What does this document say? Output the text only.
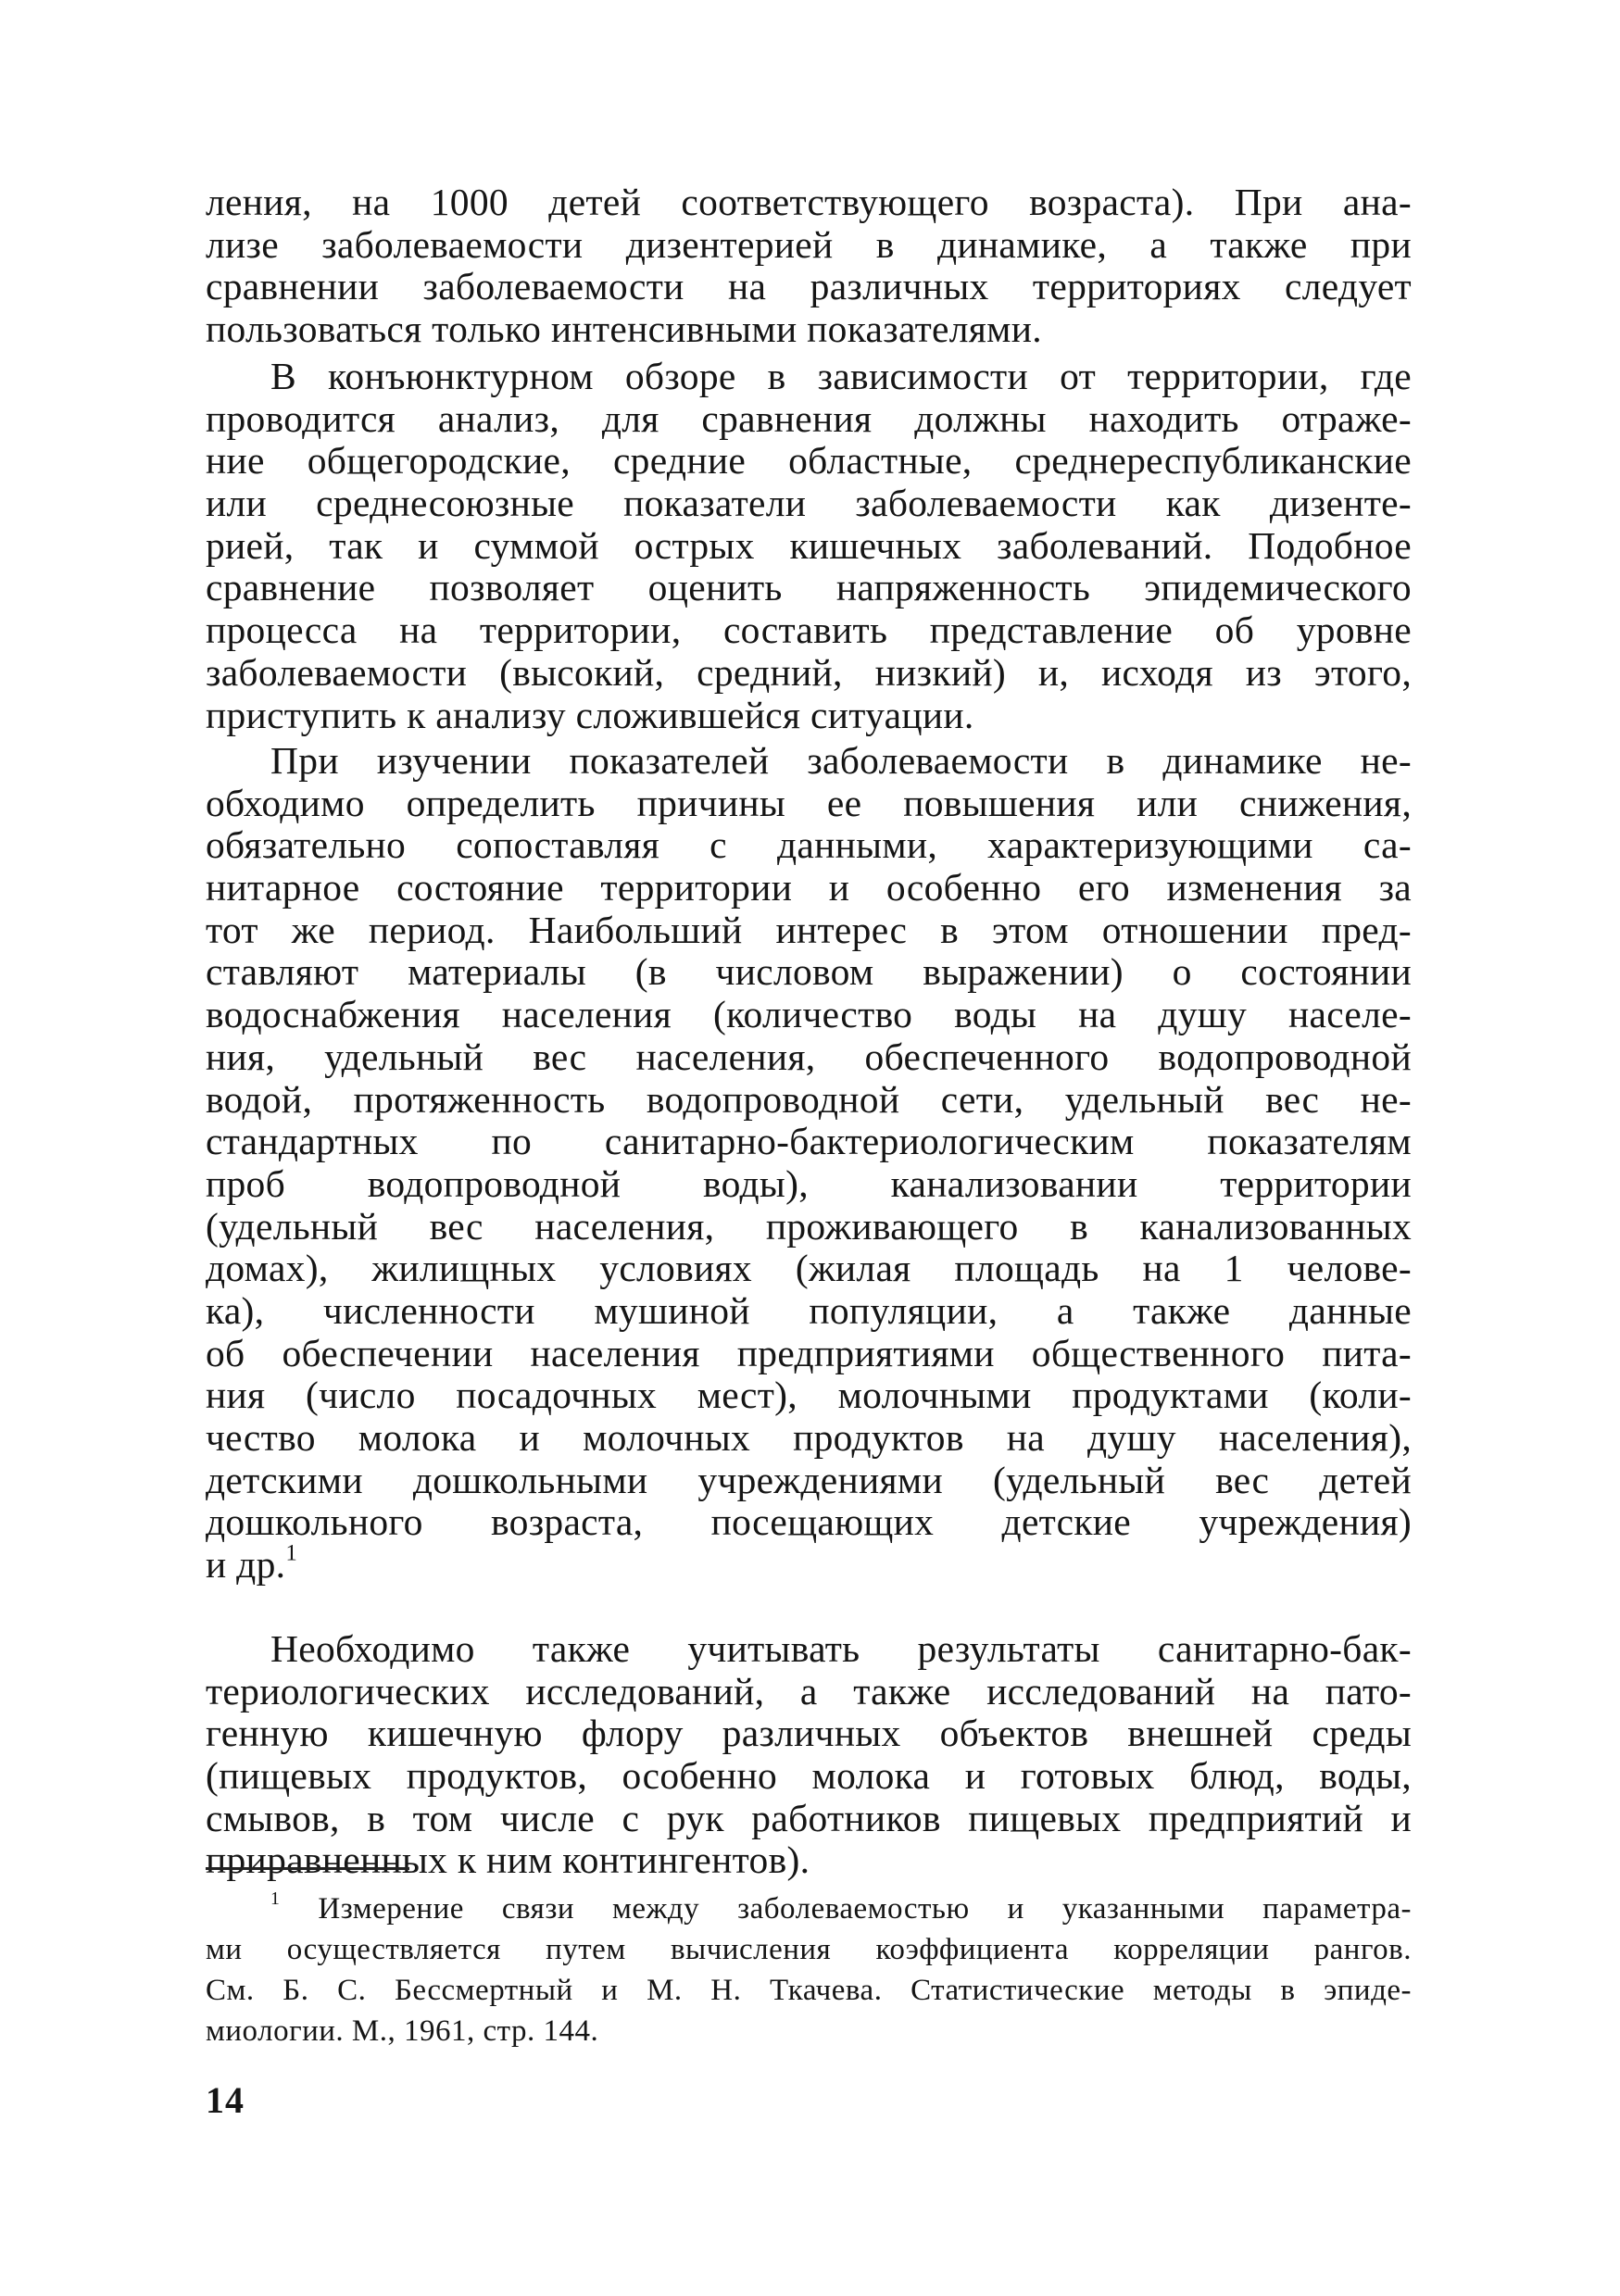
ления, на 1000 детей соответствующего возраста). При ана-
лизе заболеваемости дизентерией в динамике, а также при
сравнении заболеваемости на различных территориях следует
пользоваться только интенсивными показателями.
В конъюнктурном обзоре в зависимости от территории, где
проводится анализ, для сравнения должны находить отраже-
ние общегородские, средние областные, среднереспубликанские
или среднесоюзные показатели заболеваемости как дизенте-
рией, так и суммой острых кишечных заболеваний. Подобное
сравнение позволяет оценить напряженность эпидемического
процесса на территории, составить представление об уровне
заболеваемости (высокий, средний, низкий) и, исходя из этого,
приступить к анализу сложившейся ситуации.
При изучении показателей заболеваемости в динамике не-
обходимо определить причины ее повышения или снижения,
обязательно сопоставляя с данными, характеризующими са-
нитарное состояние территории и особенно его изменения за
тот же период. Наибольший интерес в этом отношении пред-
ставляют материалы (в числовом выражении) о состоянии
водоснабжения населения (количество воды на душу населе-
ния, удельный вес населения, обеспеченного водопроводной
водой, протяженность водопроводной сети, удельный вес не-
стандартных по санитарно-бактериологическим показателям
проб водопроводной воды), канализовании территории
(удельный вес населения, проживающего в канализованных
домах), жилищных условиях (жилая площадь на 1 челове-
ка), численности мушиной популяции, а также данные
об обеспечении населения предприятиями общественного пита-
ния (число посадочных мест), молочными продуктами (коли-
чество молока и молочных продуктов на душу населения),
детскими дошкольными учреждениями (удельный вес детей
дошкольного возраста, посещающих детские учреждения)
и др.$^1$
Необходимо также учитывать результаты санитарно-бак-
териологических исследований, а также исследований на пато-
генную кишечную флору различных объектов внешней среды
(пищевых продуктов, особенно молока и готовых блюд, воды,
смывов, в том числе с рук работников пищевых предприятий и
приравненных к ним контингентов).
$^1$ Измерение связи между заболеваемостью и указанными параметра-
ми осуществляется путем вычисления коэффициента корреляции рангов.
См. Б. С. Бессмертный и М. Н. Ткачева. Статистические методы в эпиде-
миологии. М., 1961, стр. 144.
14
